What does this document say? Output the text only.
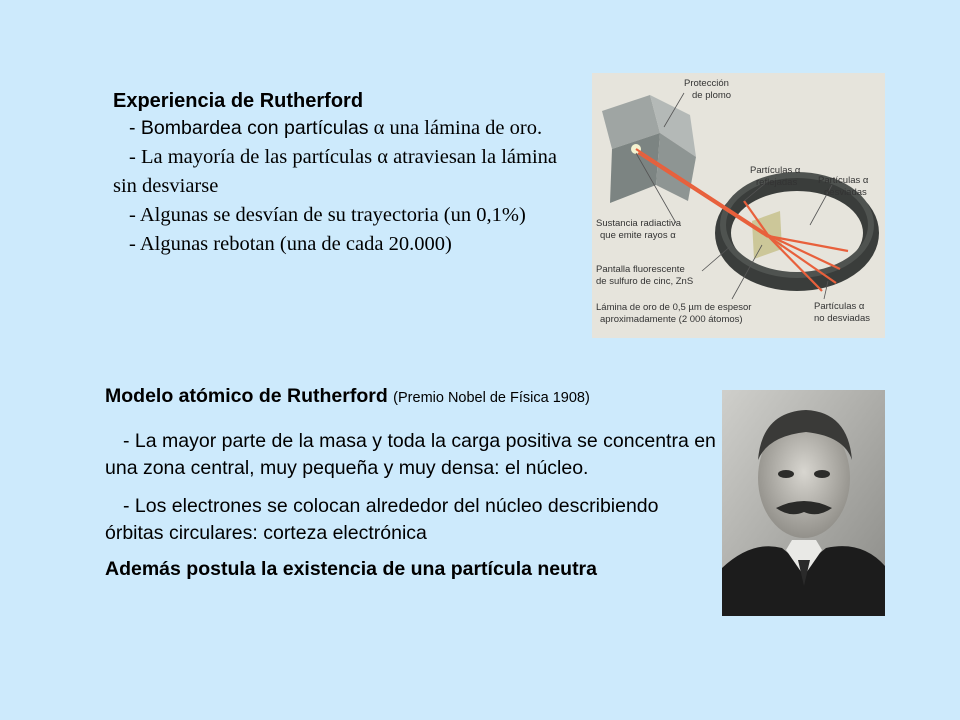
Experiencia de Rutherford

- Bombardea con partículas α una lámina de oro.

- La mayoría de las partículas α atraviesan la lámina sin desviarse

- Algunas se desvían de su trayectoria (un 0,1%)

- Algunas rebotan (una de cada 20.000)

Protección
de plomo
Partículas α
reflejadas Partículas α
desviadas
Sustancia radiactiva
que emite rayos α
Pantalla fluorescente
de sulfuro de cinc, ZnS
Lámina de oro de 0,5 µm de espesor
aproximadamente (2 000 átomos)
Partículas α
no desviadas

Modelo atómico de Rutherford (Premio Nobel de Física 1908)

- La mayor parte de la masa y toda la carga positiva se concentra en una zona central, muy pequeña y muy densa: el núcleo.

- Los electrones se colocan alrededor del núcleo describiendo órbitas circulares: corteza electrónica

Además postula la existencia de una partícula neutra
